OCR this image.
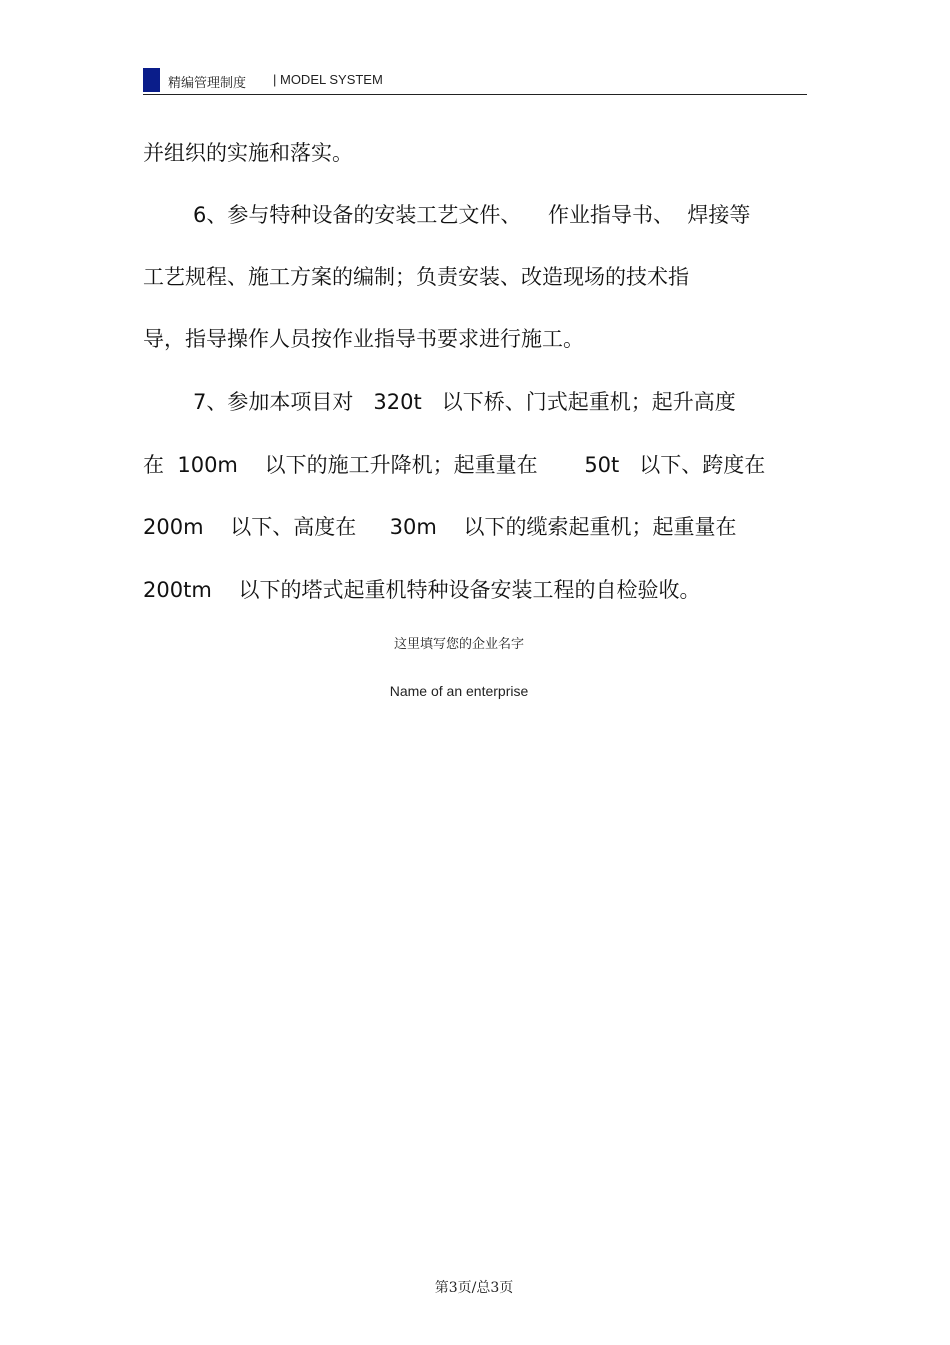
精编管理制度 | MODEL SYSTEM
并组织的实施和落实。
6、参与特种设备的安装工艺文件、    作业指导书、  焊接等
工艺规程、施工方案的编制；负责安装、改造现场的技术指
导，指导操作人员按作业指导书要求进行施工。
7、参加本项目对   320t   以下桥、门式起重机；起升高度
在  100m    以下的施工升降机；起重量在       50t   以下、跨度在
200m    以下、高度在     30m    以下的缆索起重机；起重量在
200tm    以下的塔式起重机特种设备安装工程的自检验收。
这里填写您的企业名字
Name of an enterprise
第3页/总3页
